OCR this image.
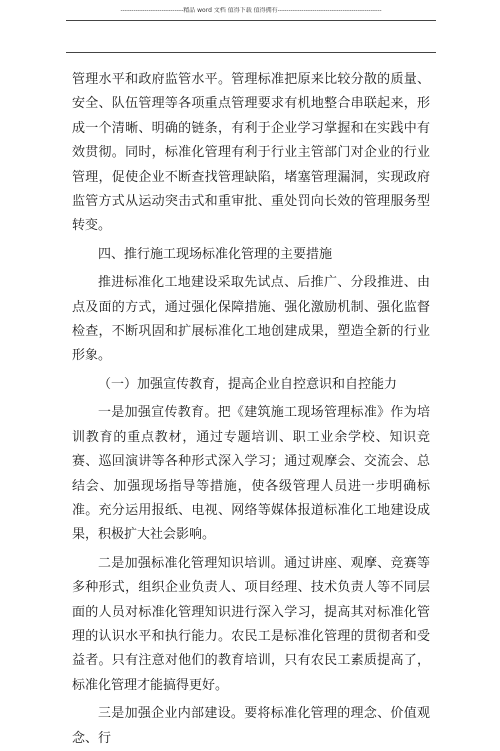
-----------------------------精品 word 文档 值得下载 值得拥有------------------------------------------------

管理水平和政府监管水平。管理标准把原来比较分散的质量、安全、队伍管理等各项重点管理要求有机地整合串联起来，形成一个清晰、明确的链条，有利于企业学习掌握和在实践中有效贯彻。同时，标准化管理有利于行业主管部门对企业的行业管理，促使企业不断查找管理缺陷，堵塞管理漏洞，实现政府监管方式从运动突击式和重审批、重处罚向长效的管理服务型转变。

四、推行施工现场标准化管理的主要措施

推进标准化工地建设采取先试点、后推广、分段推进、由点及面的方式，通过强化保障措施、强化激励机制、强化监督检查，不断巩固和扩展标准化工地创建成果，塑造全新的行业形象。

（一）加强宣传教育，提高企业自控意识和自控能力

一是加强宣传教育。把《建筑施工现场管理标准》作为培训教育的重点教材，通过专题培训、职工业余学校、知识竞赛、巡回演讲等各种形式深入学习；通过观摩会、交流会、总结会、加强现场指导等措施，使各级管理人员进一步明确标准。充分运用报纸、电视、网络等媒体报道标准化工地建设成果，积极扩大社会影响。

二是加强标准化管理知识培训。通过讲座、观摩、竞赛等多种形式，组织企业负责人、项目经理、技术负责人等不同层面的人员对标准化管理知识进行深入学习，提高其对标准化管理的认识水平和执行能力。农民工是标准化管理的贯彻者和受益者。只有注意对他们的教育培训，只有农民工素质提高了，标准化管理才能搞得更好。

三是加强企业内部建设。要将标准化管理的理念、价值观念、行
